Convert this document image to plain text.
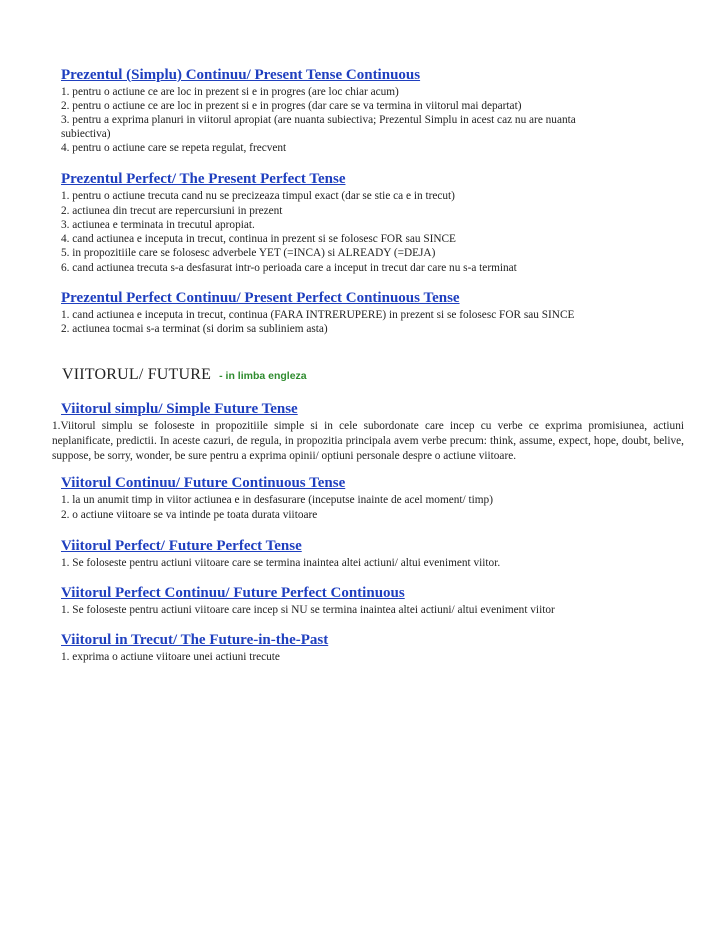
Prezentul (Simplu) Continuu/ Present Tense Continuous

1. pentru o actiune ce are loc in prezent si e in progres (are loc chiar acum)
2. pentru o actiune ce are loc in prezent si e in progres (dar care se va termina in viitorul mai departat)
3. pentru a exprima planuri in viitorul apropiat (are nuanta subiectiva; Prezentul Simplu in acest caz nu are nuanta
subiectiva)
4. pentru o actiune care se repeta regulat, frecvent

Prezentul Perfect/ The Present Perfect Tense

1. pentru o actiune trecuta cand nu se precizeaza timpul exact (dar se stie ca e in trecut)
2. actiunea din trecut are repercursiuni in prezent
3. actiunea e terminata in trecutul apropiat.
4. cand actiunea e inceputa in trecut, continua in prezent si se folosesc FOR sau SINCE
5. in propozitiile care se folosesc adverbele YET (=INCA) si ALREADY (=DEJA)
6. cand actiunea trecuta s-a desfasurat intr-o perioada care a inceput in trecut dar care nu s-a terminat

Prezentul Perfect Continuu/ Present Perfect Continuous Tense

1. cand actiunea e inceputa in trecut, continua (FARA INTRERUPERE) in prezent si se folosesc FOR sau SINCE
2. actiunea tocmai s-a terminat (si dorim sa subliniem asta)
VIITORUL/ FUTURE - in limba engleza

Viitorul simplu/ Simple Future Tense

1.Viitorul simplu se foloseste in propozitiile simple si in cele subordonate care incep cu verbe ce exprima promisiunea, actiuni neplanificate, predictii. In aceste cazuri, de regula, in propozitia principala avem verbe precum: think, assume, expect, hope, doubt, belive, suppose, be sorry, wonder, be sure pentru a exprima opinii/ optiuni personale despre o actiune viitoare.

Viitorul Continuu/ Future Continuous Tense

1. la un anumit timp in viitor actiunea e in desfasurare (inceputse inainte de acel moment/ timp)
2. o actiune viitoare se va intinde pe toata durata viitoare

Viitorul Perfect/ Future Perfect Tense

1. Se foloseste pentru actiuni viitoare care se termina inaintea altei actiuni/ altui eveniment viitor.

Viitorul Perfect Continuu/ Future Perfect Continuous

1. Se foloseste pentru actiuni viitoare care incep si NU se termina inaintea altei actiuni/ altui eveniment viitor

Viitorul in Trecut/ The Future-in-the-Past

1. exprima o actiune viitoare unei actiuni trecute
